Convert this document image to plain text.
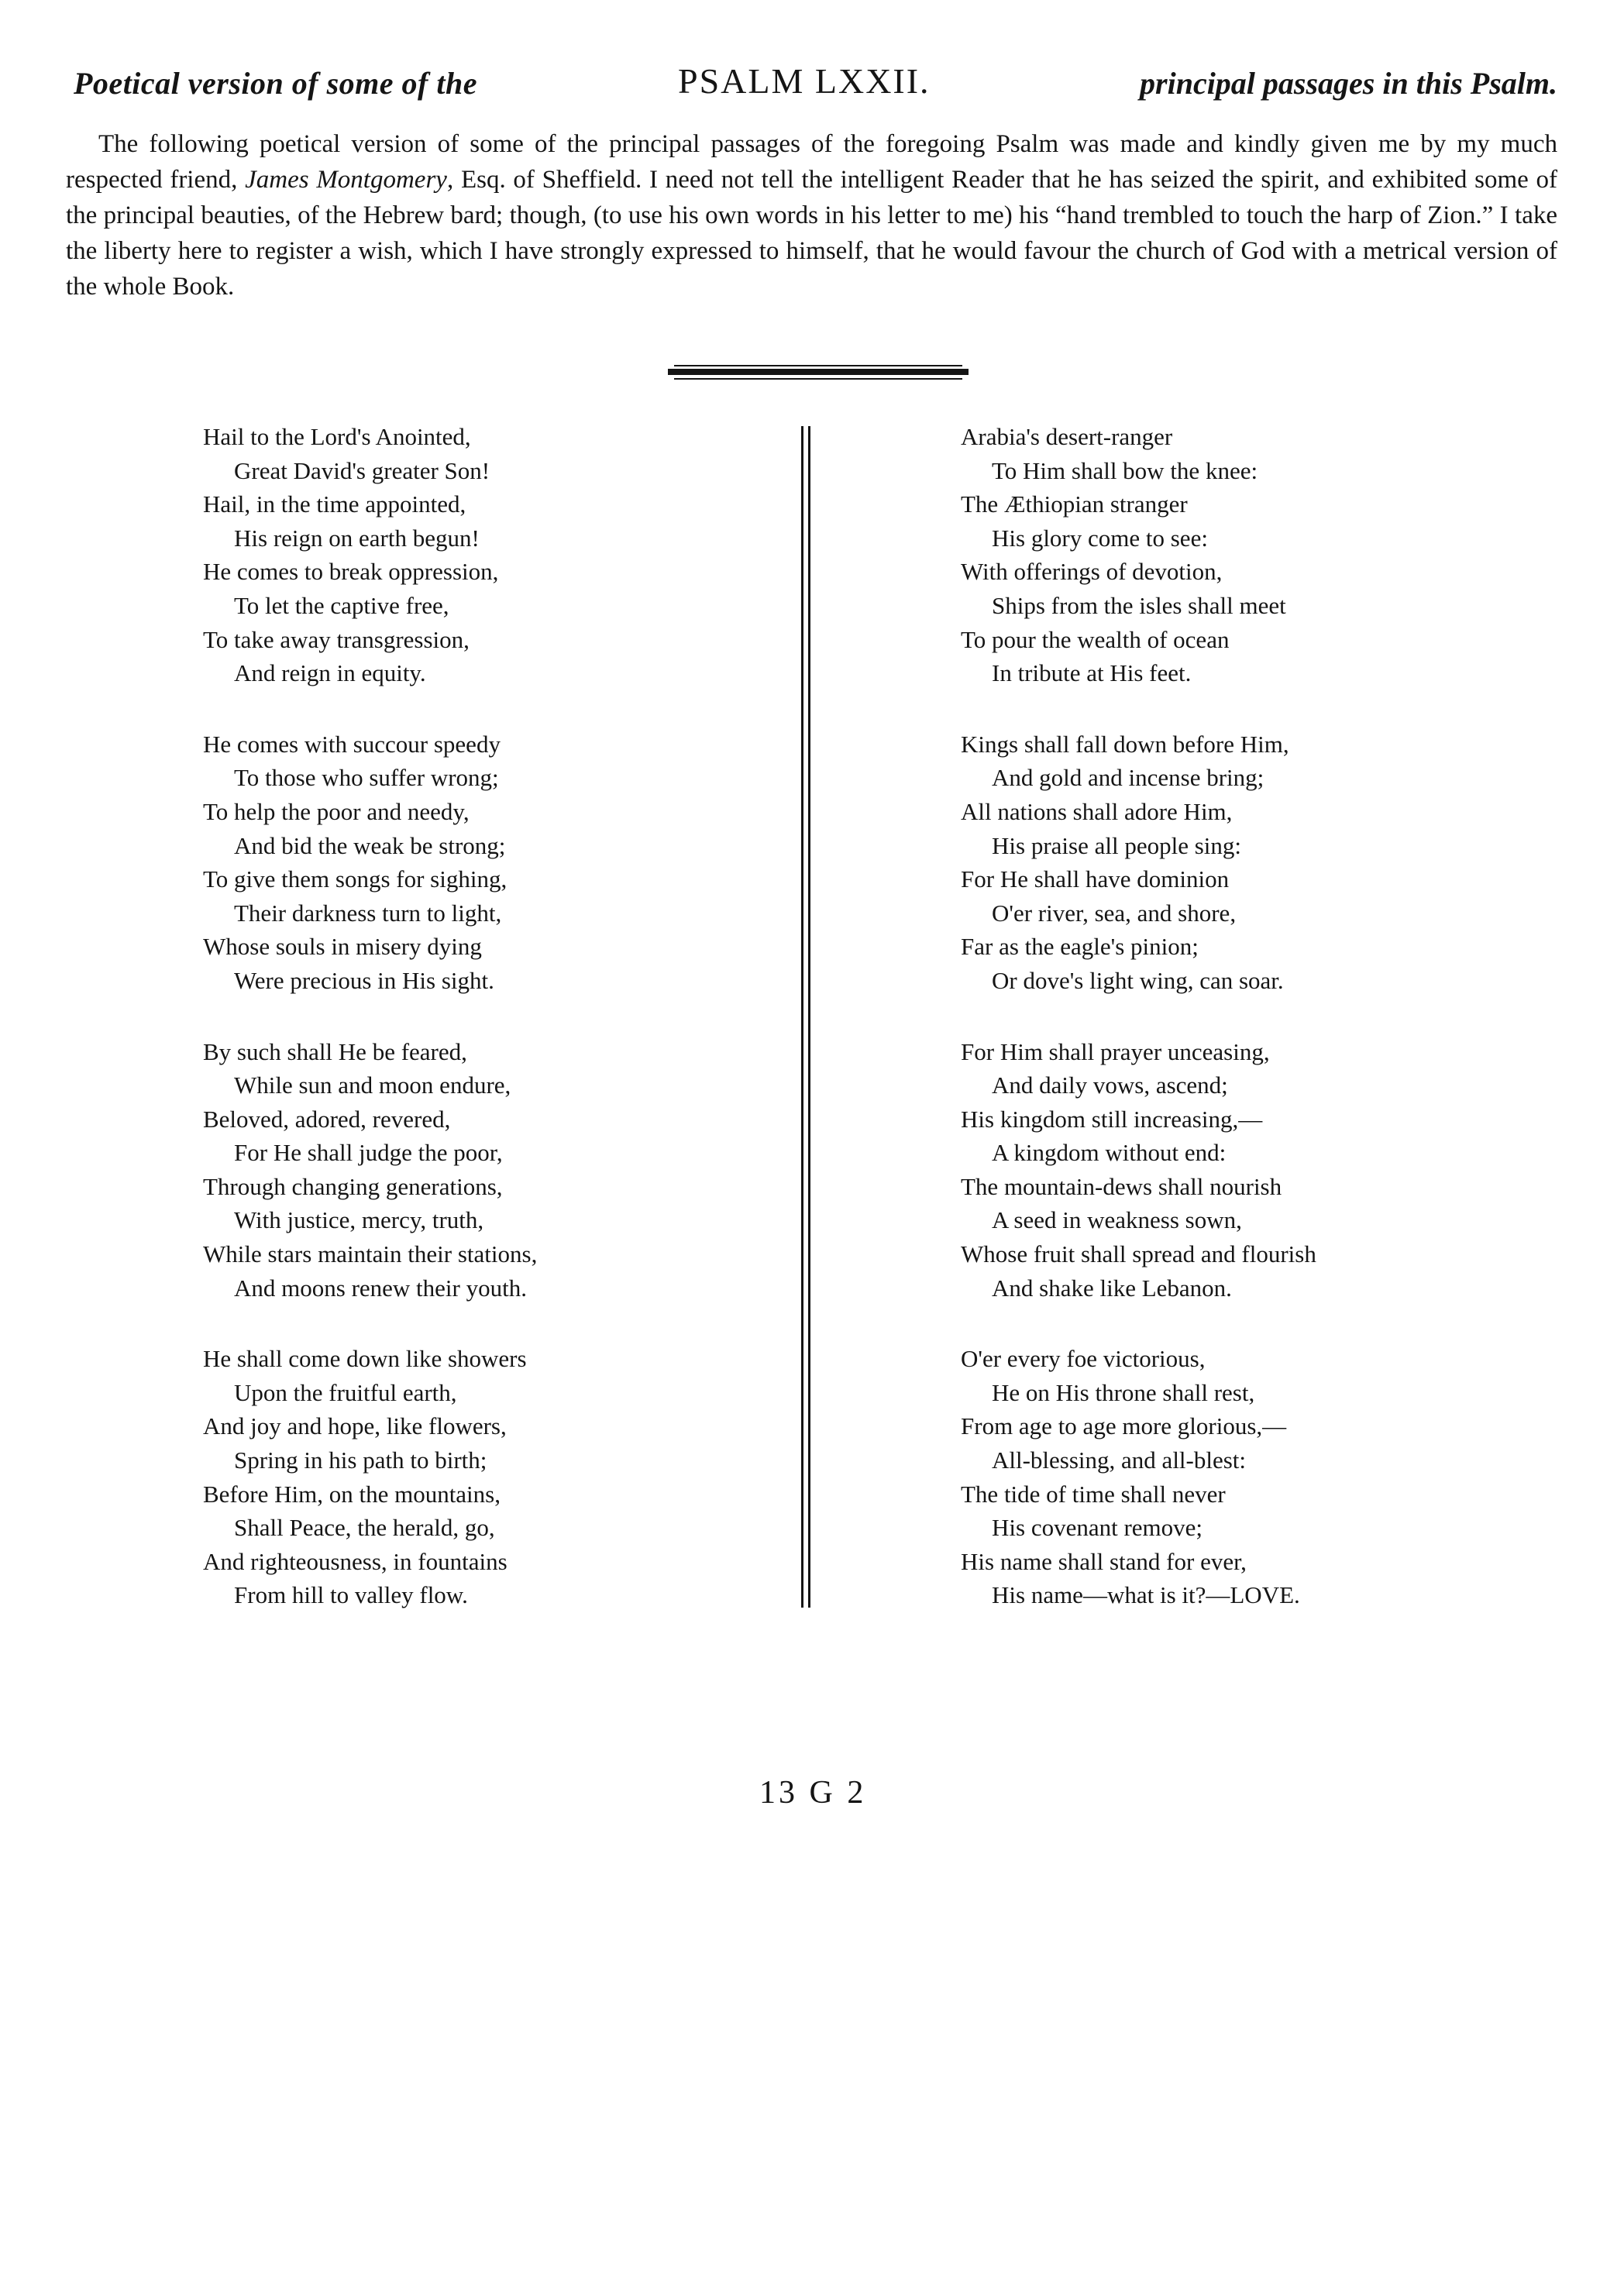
Poetical version of some of the	PSALM LXXII.	principal passages in this Psalm.

The following poetical version of some of the principal passages of the foregoing Psalm was made and kindly given me by my much respected friend, James Montgomery, Esq. of Sheffield. I need not tell the intelligent Reader that he has seized the spirit, and exhibited some of the principal beauties, of the Hebrew bard; though, (to use his own words in his letter to me) his “hand trembled to touch the harp of Zion.” I take the liberty here to register a wish, which I have strongly expressed to himself, that he would favour the church of God with a metrical version of the whole Book.

Hail to the Lord's Anointed,
Great David's greater Son!
Hail, in the time appointed,
His reign on earth begun!
He comes to break oppression,
To let the captive free,
To take away transgression,
And reign in equity.
He comes with succour speedy
To those who suffer wrong;
To help the poor and needy,
And bid the weak be strong;
To give them songs for sighing,
Their darkness turn to light,
Whose souls in misery dying
Were precious in His sight.
By such shall He be feared,
While sun and moon endure,
Beloved, adored, revered,
For He shall judge the poor,
Through changing generations,
With justice, mercy, truth,
While stars maintain their stations,
And moons renew their youth.
He shall come down like showers
Upon the fruitful earth,
And joy and hope, like flowers,
Spring in his path to birth;
Before Him, on the mountains,
Shall Peace, the herald, go,
And righteousness, in fountains
From hill to valley flow.
Arabia's desert-ranger
To Him shall bow the knee:
The Æthiopian stranger
His glory come to see:
With offerings of devotion,
Ships from the isles shall meet
To pour the wealth of ocean
In tribute at His feet.
Kings shall fall down before Him,
And gold and incense bring;
All nations shall adore Him,
His praise all people sing:
For He shall have dominion
O'er river, sea, and shore,
Far as the eagle's pinion;
Or dove's light wing, can soar.
For Him shall prayer unceasing,
And daily vows, ascend;
His kingdom still increasing,—
A kingdom without end:
The mountain-dews shall nourish
A seed in weakness sown,
Whose fruit shall spread and flourish
And shake like Lebanon.
O'er every foe victorious,
He on His throne shall rest,
From age to age more glorious,—
All-blessing, and all-blest:
The tide of time shall never
His covenant remove;
His name shall stand for ever,
His name—what is it?—LOVE.
13 G 2
